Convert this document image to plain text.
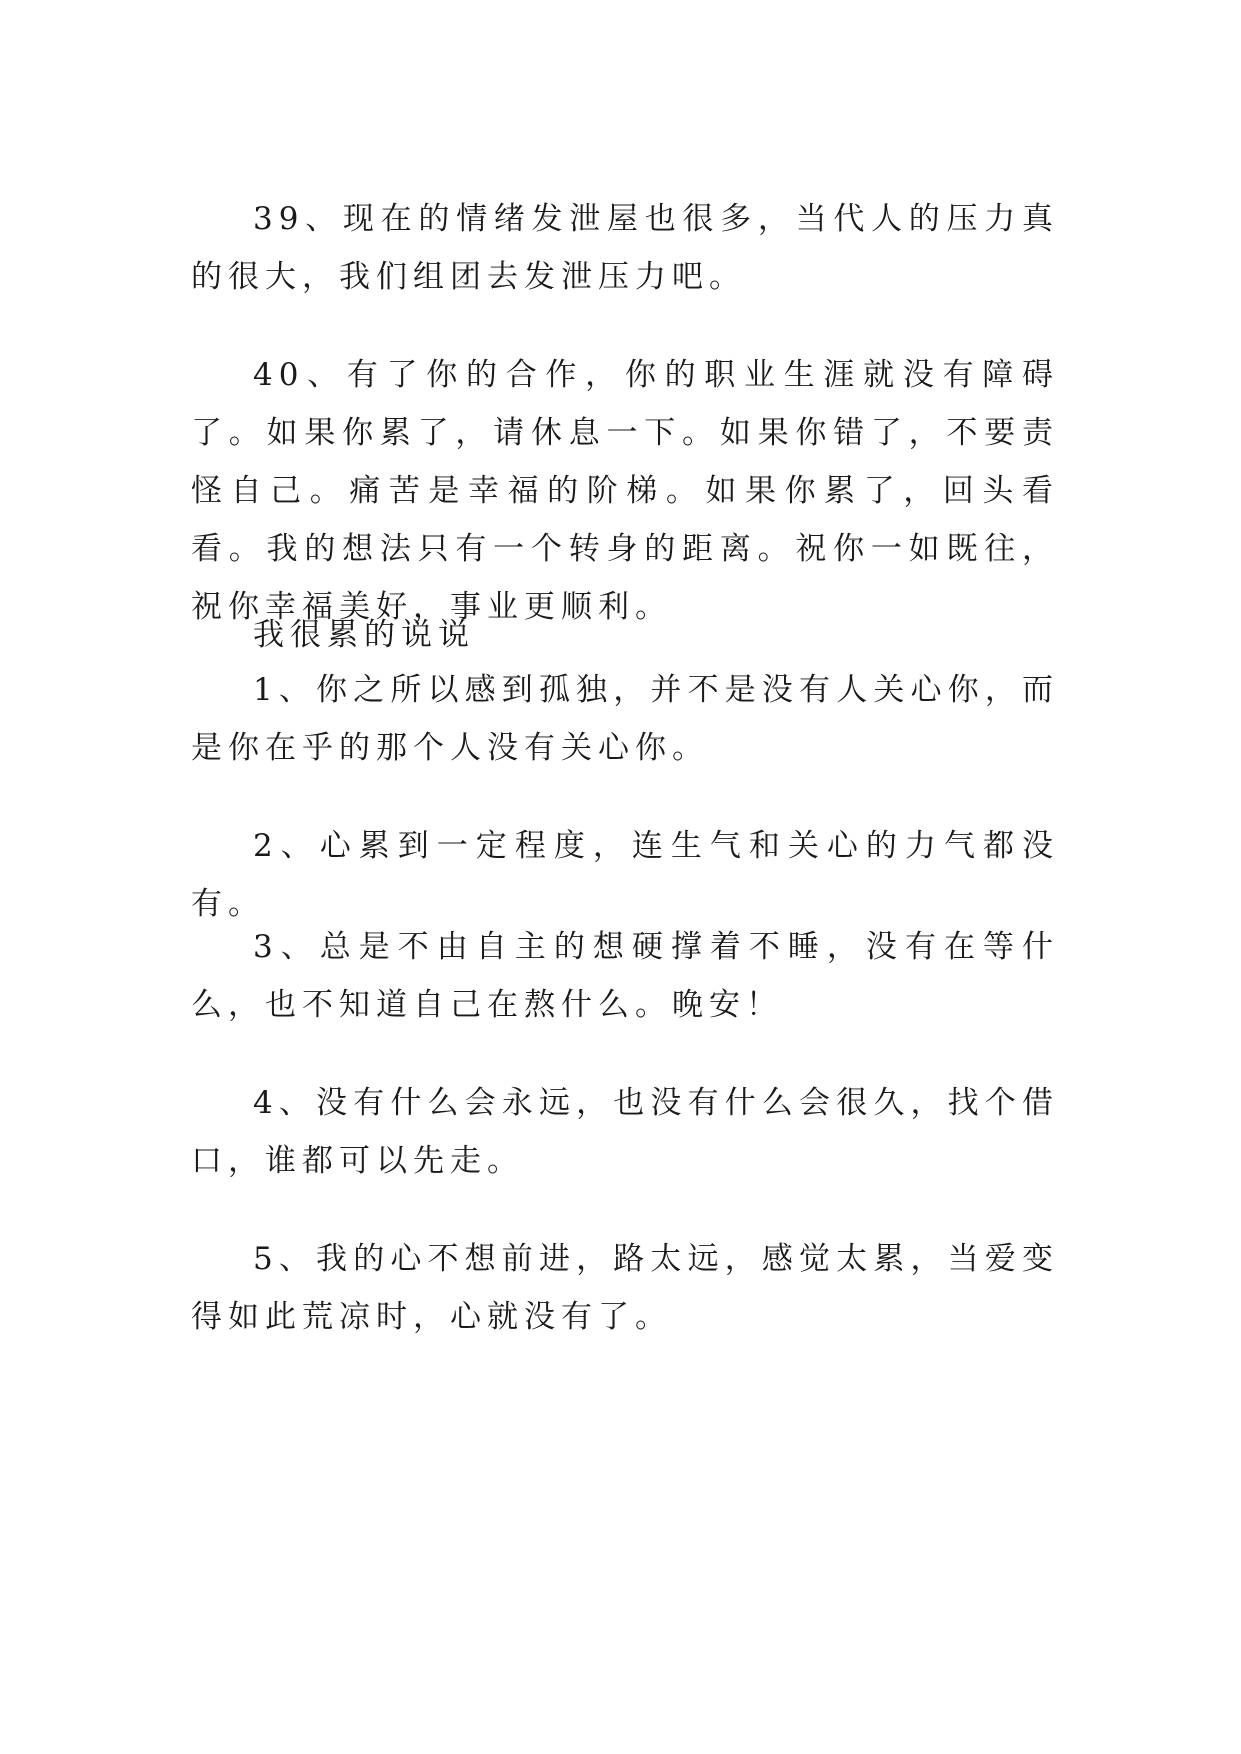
39、现在的情绪发泄屋也很多，当代人的压力真的很大，我们组团去发泄压力吧。

40、有了你的合作，你的职业生涯就没有障碍了。如果你累了，请休息一下。如果你错了，不要责怪自己。痛苦是幸福的阶梯。如果你累了，回头看看。我的想法只有一个转身的距离。祝你一如既往，祝你幸福美好，事业更顺利。

我很累的说说

1、你之所以感到孤独，并不是没有人关心你，而是你在乎的那个人没有关心你。

2、心累到一定程度，连生气和关心的力气都没有。

3、总是不由自主的想硬撑着不睡，没有在等什么，也不知道自己在熬什么。晚安！

4、没有什么会永远，也没有什么会很久，找个借口，谁都可以先走。

5、我的心不想前进，路太远，感觉太累，当爱变得如此荒凉时，心就没有了。
